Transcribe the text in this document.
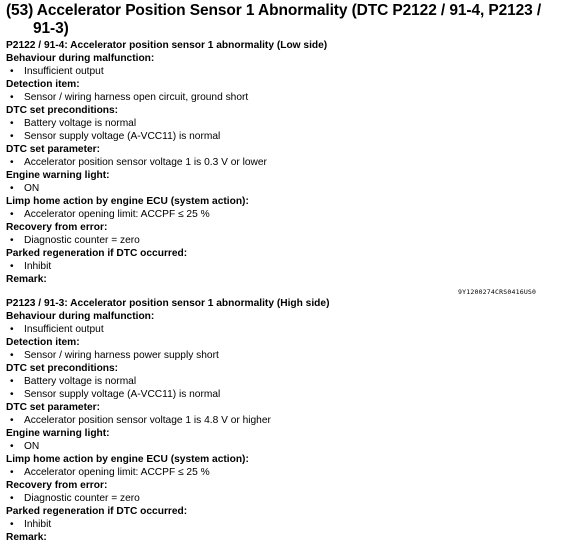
(53) Accelerator Position Sensor 1 Abnormality (DTC P2122 / 91-4, P2123 /
91-3)
P2122 / 91-4: Accelerator position sensor 1 abnormality (Low side)
Behaviour during malfunction:
• Insufficient output
Detection item:
• Sensor / wiring harness open circuit, ground short
DTC set preconditions:
• Battery voltage is normal
• Sensor supply voltage (A-VCC11) is normal
DTC set parameter:
• Accelerator position sensor voltage 1 is 0.3 V or lower
Engine warning light:
• ON
Limp home action by engine ECU (system action):
• Accelerator opening limit: ACCPF ≤ 25 %
Recovery from error:
• Diagnostic counter = zero
Parked regeneration if DTC occurred:
• Inhibit
Remark:
9Y1200274CRS0416US0
P2123 / 91-3: Accelerator position sensor 1 abnormality (High side)
Behaviour during malfunction:
• Insufficient output
Detection item:
• Sensor / wiring harness power supply short
DTC set preconditions:
• Battery voltage is normal
• Sensor supply voltage (A-VCC11) is normal
DTC set parameter:
• Accelerator position sensor voltage 1 is 4.8 V or higher
Engine warning light:
• ON
Limp home action by engine ECU (system action):
• Accelerator opening limit: ACCPF ≤ 25 %
Recovery from error:
• Diagnostic counter = zero
Parked regeneration if DTC occurred:
• Inhibit
Remark:
